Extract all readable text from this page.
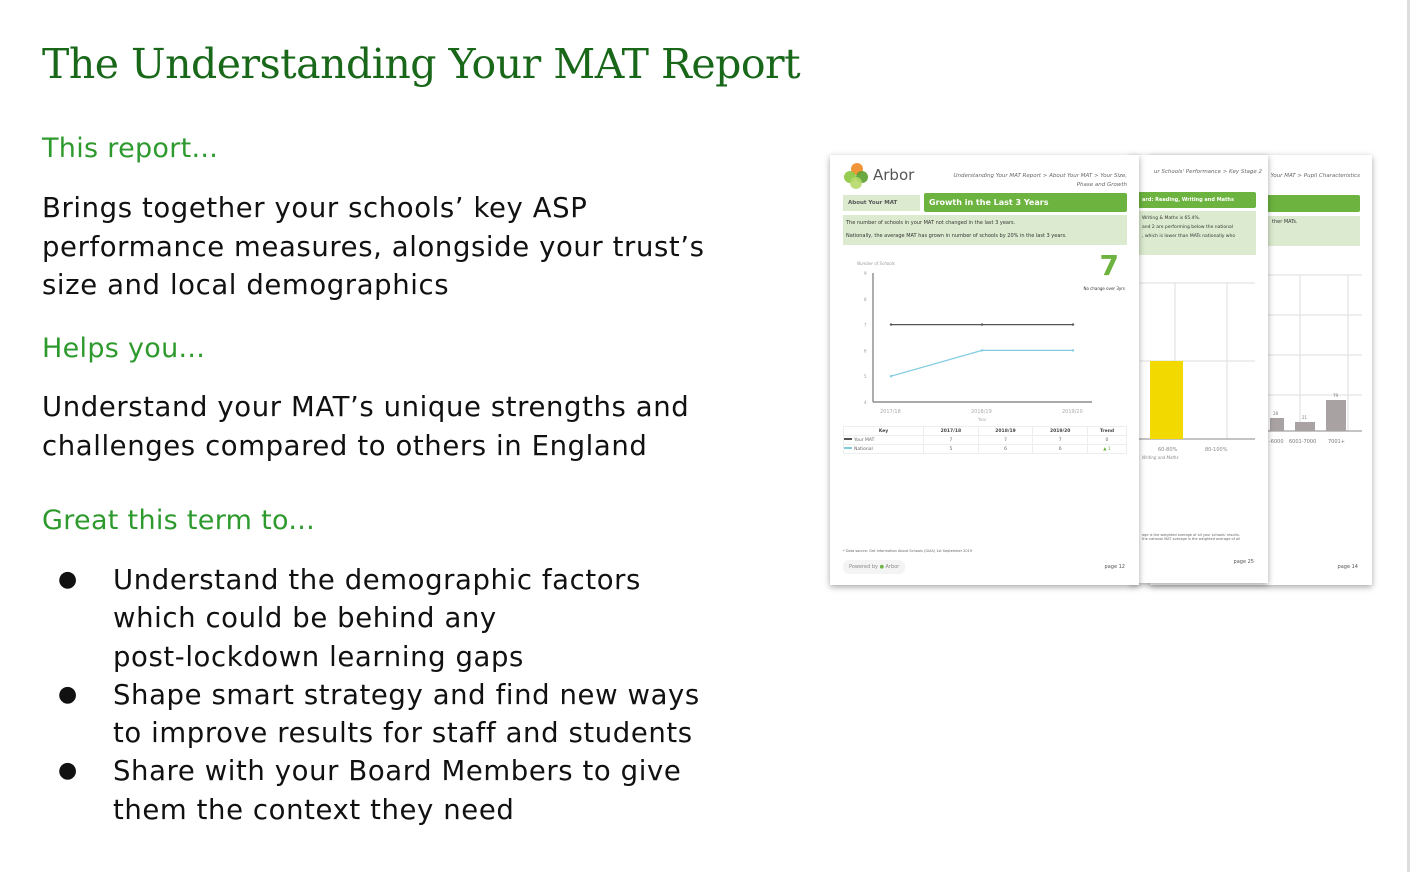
The Understanding Your MAT Report
This report...
Brings together your schools’ key ASP
performance measures, alongside your trust’s
size and local demographics
Helps you...
Understand your MAT’s unique strengths and
challenges compared to others in England
Great this term to...
●	Understand the demographic factors
which could be behind any
post-lockdown learning gaps
●	Shape smart strategy and find new ways
to improve results for staff and students
●	Share with your Board Members to give
them the context they need
Your MAT > Pupil Characteristics
ther MATs.
-6000 6001-7000 7001+
28
21
79
page 14
ur Schools' Performance > Key Stage 2
ard: Reading, Writing and Maths
Writing & Maths is 65.4%.
and 2 are performing below the national
, which is lower than MATs nationally who
60-80%	80-100%
Writing and Maths
age is the weighted average of all your schools' results.
the national MAT average is the weighted average of all
page 25
Arbor	Understanding Your MAT Report > About Your MAT > Your Size, Phase and Growth
About Your MAT	Growth in the Last 3 Years
The number of schools in your MAT not changed in the last 3 years.
Nationally, the average MAT has grown in number of schools by 20% in the last 3 years.
7
No change over 3yrs
Number of Schools
4
5
6
7
8
9
2017/18	2018/19	2019/20
Year
Key	2017/18	2018/19	2019/20	Trend
Your MAT	7	7	7	0
National	5	6	6	▲ 1
* Data source: Get Information About Schools (GIAS) 1st September 2019
Powered by ● Arbor	page 12
